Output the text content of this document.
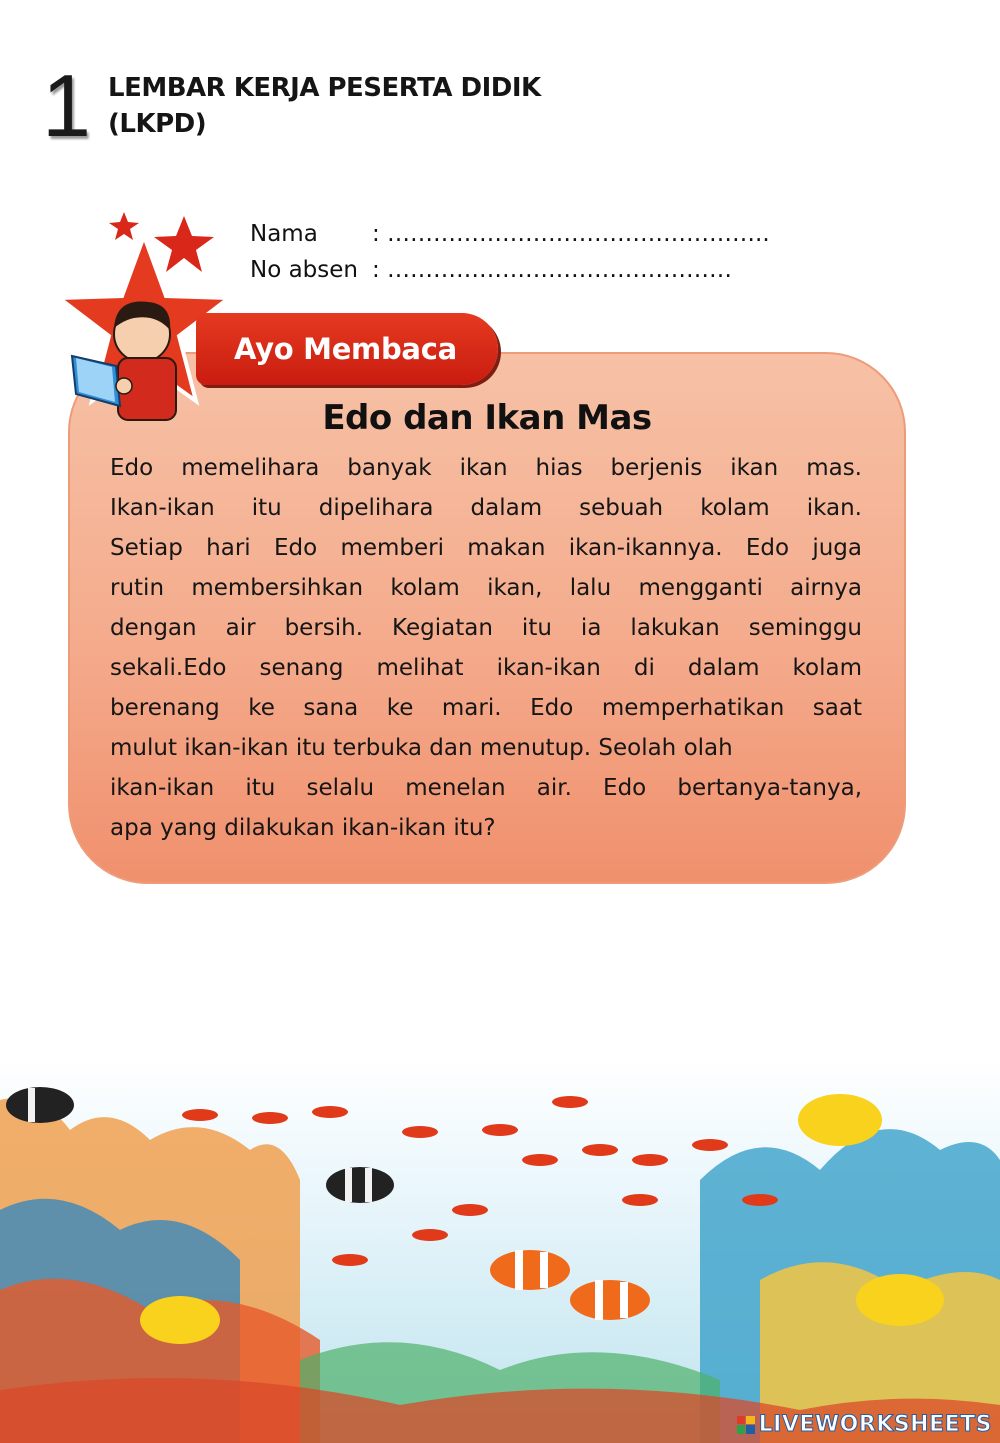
1 LEMBAR KERJA PESERTA DIDIK
(LKPD)
Nama	: …………………………………………..
No absen : ………………………………………
Ayo Membaca
Edo dan Ikan Mas
Edo memelihara banyak ikan hias berjenis ikan mas.
Ikan-ikan itu dipelihara dalam sebuah kolam ikan.
Setiap hari Edo memberi makan ikan-ikannya. Edo juga
rutin membersihkan kolam ikan, lalu mengganti airnya
dengan air bersih. Kegiatan itu ia lakukan seminggu
sekali.Edo senang melihat ikan-ikan di dalam kolam
berenang ke sana ke mari. Edo memperhatikan saat
mulut ikan-ikan itu terbuka dan menutup. Seolah olah
ikan-ikan itu selalu menelan air. Edo bertanya-tanya,
apa yang dilakukan ikan-ikan itu?
LIVEWORKSHEETS
